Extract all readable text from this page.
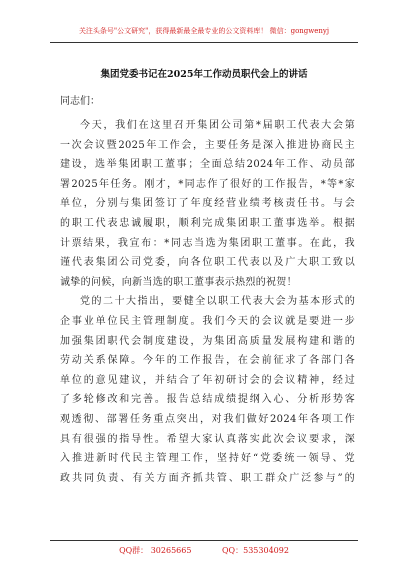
关注头条号"公文研究"，获得最新最全最专业的公文资料库！ 微信：gongwenyj
集团党委书记在2025年工作动员职代会上的讲话
同志们：
今天，我们在这里召开集团公司第*届职工代表大会第
一次会议暨2025年工作会，主要任务是深入推进协商民主
建设，选举集团职工董事；全面总结2024年工作、动员部
署2025年任务。刚才，*同志作了很好的工作报告，*等*家
单位，分别与集团签订了年度经营业绩考核责任书。与会
的职工代表忠诚履职，顺利完成集团职工董事选举。根据
计票结果，我宣布：*同志当选为集团职工董事。在此，我
谨代表集团公司党委，向各位职工代表以及广大职工致以
诚挚的问候，向新当选的职工董事表示热烈的祝贺！
党的二十大指出，要健全以职工代表大会为基本形式的
企事业单位民主管理制度。我们今天的会议就是要进一步
加强集团职代会制度建设，为集团高质量发展构建和谐的
劳动关系保障。今年的工作报告，在会前征求了各部门各
单位的意见建议，并结合了年初研讨会的会议精神，经过
了多轮修改和完善。报告总结成绩提纲入心、分析形势客
观透彻、部署任务重点突出，对我们做好2024年各项工作
具有很强的指导性。希望大家认真落实此次会议要求，深
入推进新时代民主管理工作，坚持好“党委统一领导、党
政共同负责、有关方面齐抓共管、职工群众广泛参与”的
QQ群： 30265665	QQ：535304092
